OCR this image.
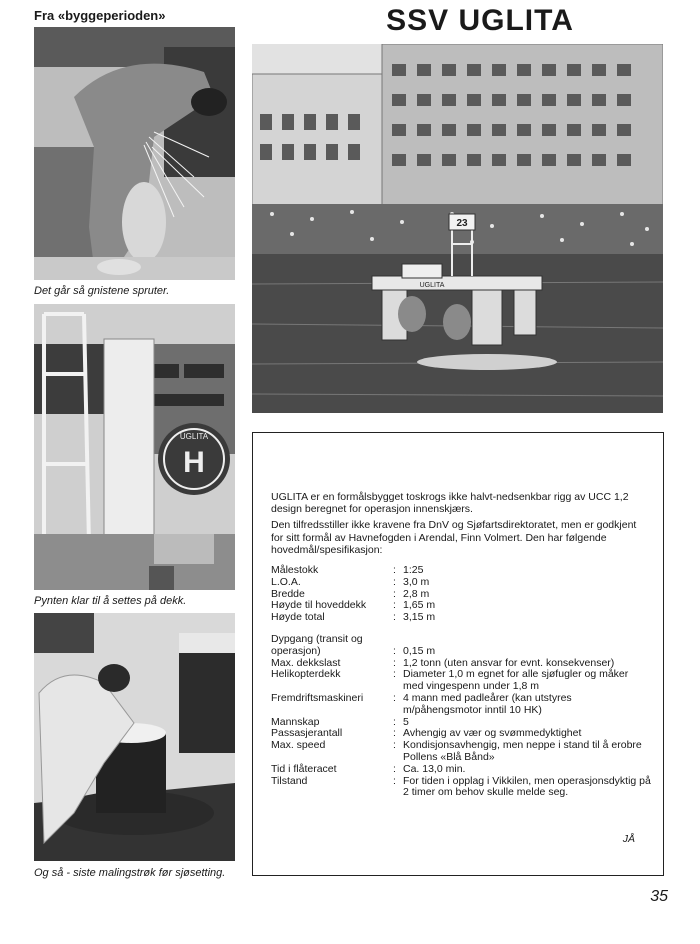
Fra «byggeperioden»	SSV UGLITA
Det går så gnistene spruter.
H
UGLITA
Pynten klar til å settes på dekk.
Og så - siste malingstrøk før sjøsetting.
23
UGLITA

UGLITA er en formålsbygget toskrogs ikke halvt-nedsenkbar rigg av UCC 1,2 design beregnet for operasjon innenskjærs.

Den tilfredsstiller ikke kravene fra DnV og Sjøfartsdirektoratet, men er godkjent for sitt formål av Havnefogden i Arendal, Finn Volmert. Den har følgende hovedmål/spesifikasjon:

Målestokk	: 1:25
L.O.A.	: 3,0 m
Bredde	: 2,8 m
Høyde til hoveddekk	: 1,65 m
Høyde total	: 3,15 m
Dypgang (transit og operasjon)	: 0,15 m
Max. dekkslast	: 1,2 tonn (uten ansvar for evnt. konsekvenser)
Helikopterdekk	: Diameter 1,0 m egnet for alle sjøfugler og måker med vingespenn under 1,8 m
Fremdriftsmaskineri	: 4 mann med padleårer (kan utstyres m/påhengsmotor inntil 10 HK)
Mannskap	: 5
Passasjerantall	: Avhengig av vær og svømmedyktighet
Max. speed	: Kondisjonsavhengig, men neppe i stand til å erobre Pollens «Blå Bånd»
Tid i flåteracet	: Ca. 13,0 min.
Tilstand	: For tiden i opplag i Vikkilen, men operasjonsdyktig på 2 timer om behov skulle melde seg.
JÅ
35
